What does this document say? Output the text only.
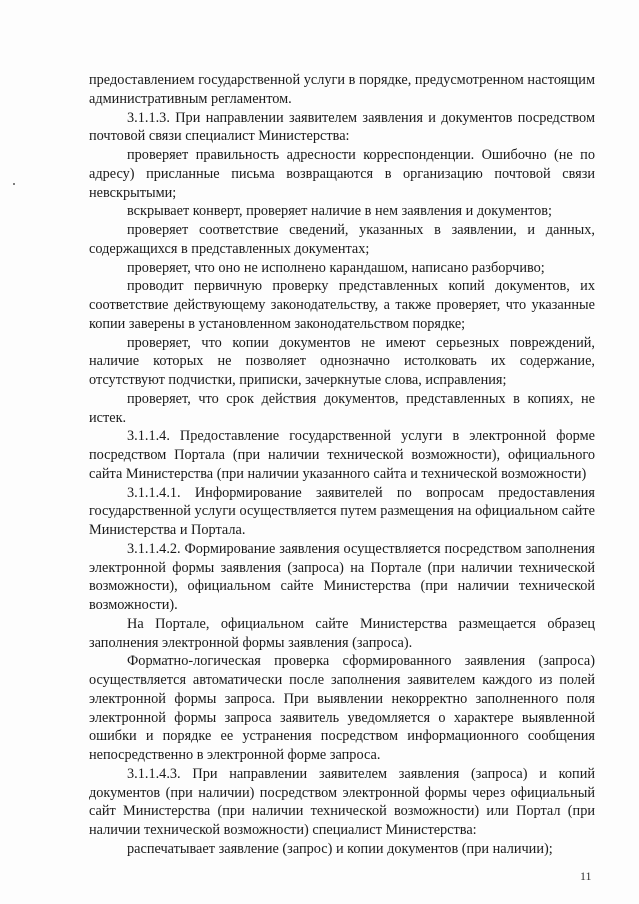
предоставлением государственной услуги в порядке, предусмотренном настоящим административным регламентом.

3.1.1.3. При направлении заявителем заявления и документов посредством почтовой связи специалист Министерства:

проверяет правильность адресности корреспонденции. Ошибочно (не по адресу) присланные письма возвращаются в организацию почтовой связи невскрытыми;

вскрывает конверт, проверяет наличие в нем заявления и документов;

проверяет соответствие сведений, указанных в заявлении, и данных, содержащихся в представленных документах;

проверяет, что оно не исполнено карандашом, написано разборчиво;

проводит первичную проверку представленных копий документов, их соответствие действующему законодательству, а также проверяет, что указанные копии заверены в установленном законодательством порядке;

проверяет, что копии документов не имеют серьезных повреждений, наличие которых не позволяет однозначно истолковать их содержание, отсутствуют подчистки, приписки, зачеркнутые слова, исправления;

проверяет, что срок действия документов, представленных в копиях, не истек.

3.1.1.4. Предоставление государственной услуги в электронной форме посредством Портала (при наличии технической возможности), официального сайта Министерства (при наличии указанного сайта и технической возможности)

3.1.1.4.1. Информирование заявителей по вопросам предоставления государственной услуги осуществляется путем размещения на официальном сайте Министерства и Портала.

3.1.1.4.2. Формирование заявления осуществляется посредством заполнения электронной формы заявления (запроса) на Портале (при наличии технической возможности), официальном сайте Министерства (при наличии технической возможности).

На Портале, официальном сайте Министерства размещается образец заполнения электронной формы заявления (запроса).

Форматно-логическая проверка сформированного заявления (запроса) осуществляется автоматически после заполнения заявителем каждого из полей электронной формы запроса. При выявлении некорректно заполненного поля электронной формы запроса заявитель уведомляется о характере выявленной ошибки и порядке ее устранения посредством информационного сообщения непосредственно в электронной форме запроса.

3.1.1.4.3. При направлении заявителем заявления (запроса) и копий документов (при наличии) посредством электронной формы через официальный сайт Министерства (при наличии технической возможности) или Портал (при наличии технической возможности) специалист Министерства:

распечатывает заявление (запрос) и копии документов (при наличии);

11
